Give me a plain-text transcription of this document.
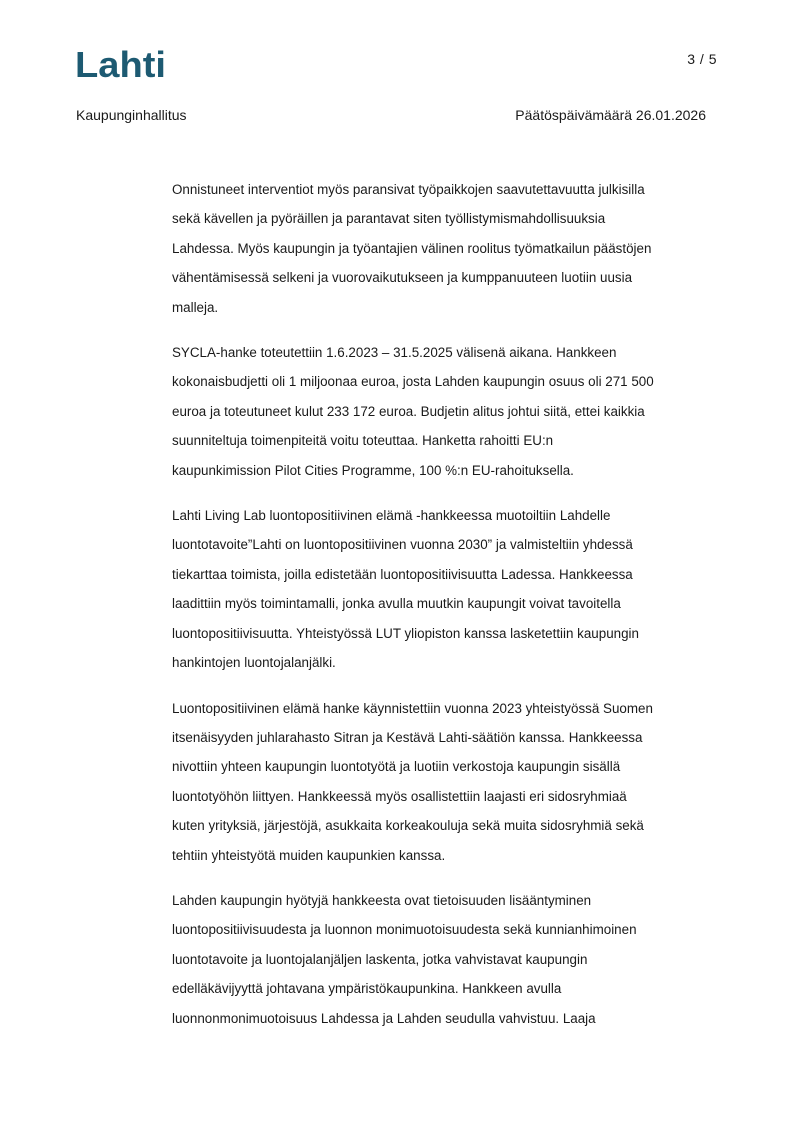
Lahti	3 / 5
Kaupunginhallitus	Päätöspäivämäärä 26.01.2026

Onnistuneet interventiot myös paransivat työpaikkojen saavutettavuutta julkisilla
sekä kävellen ja pyöräillen ja parantavat siten työllistymismahdollisuuksia
Lahdessa. Myös kaupungin ja työantajien välinen roolitus työmatkailun päästöjen
vähentämisessä selkeni ja vuorovaikutukseen ja kumppanuuteen luotiin uusia
malleja.

SYCLA-hanke toteutettiin 1.6.2023 – 31.5.2025 välisenä aikana. Hankkeen
kokonaisbudjetti oli 1 miljoonaa euroa, josta Lahden kaupungin osuus oli 271 500
euroa ja toteutuneet kulut 233 172 euroa. Budjetin alitus johtui siitä, ettei kaikkia
suunniteltuja toimenpiteitä voitu toteuttaa. Hanketta rahoitti EU:n
kaupunkimission Pilot Cities Programme, 100 %:n EU-rahoituksella.

Lahti Living Lab luontopositiivinen elämä -hankkeessa muotoiltiin Lahdelle
luontotavoite”Lahti on luontopositiivinen vuonna 2030” ja valmisteltiin yhdessä
tiekarttaa toimista, joilla edistetään luontopositiivisuutta Ladessa. Hankkeessa
laadittiin myös toimintamalli, jonka avulla muutkin kaupungit voivat tavoitella
luontopositiivisuutta. Yhteistyössä LUT yliopiston kanssa lasketettiin kaupungin
hankintojen luontojalanjälki.

Luontopositiivinen elämä hanke käynnistettiin vuonna 2023 yhteistyössä Suomen
itsenäisyyden juhlarahasto Sitran ja Kestävä Lahti-säätiön kanssa. Hankkeessa
nivottiin yhteen kaupungin luontotyötä ja luotiin verkostoja kaupungin sisällä
luontotyöhön liittyen. Hankkeessä myös osallistettiin laajasti eri sidosryhmiaä
kuten yrityksiä, järjestöjä, asukkaita korkeakouluja sekä muita sidosryhmiä sekä
tehtiin yhteistyötä muiden kaupunkien kanssa.

Lahden kaupungin hyötyjä hankkeesta ovat tietoisuuden lisääntyminen
luontopositiivisuudesta ja luonnon monimuotoisuudesta sekä kunnianhimoinen
luontotavoite ja luontojalanjäljen laskenta, jotka vahvistavat kaupungin
edelläkävijyyttä johtavana ympäristökaupunkina. Hankkeen avulla
luonnonmonimuotoisuus Lahdessa ja Lahden seudulla vahvistuu. Laaja
